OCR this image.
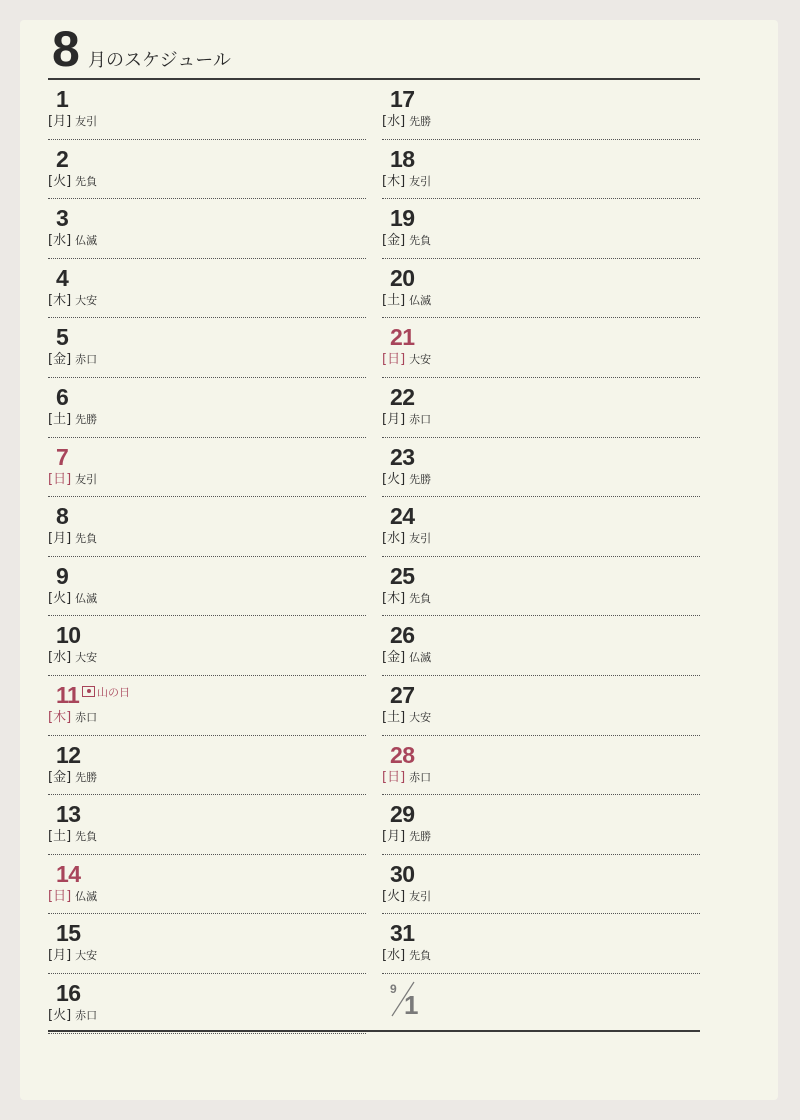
8 月のスケジュール
1
[月] 友引
2
[火] 先負
3
[水] 仏滅
4
[木] 大安
5
[金] 赤口
6
[土] 先勝
7
[日] 友引
8
[月] 先負
9
[火] 仏滅
10
[水] 大安
11	山の日
[木] 赤口
12
[金] 先勝
13
[土] 先負
14
[日] 仏滅
15
[月] 大安
16
[火] 赤口
17
[水] 先勝
18
[木] 友引
19
[金] 先負
20
[土] 仏滅
21
[日] 大安
22
[月] 赤口
23
[火] 先勝
24
[水] 友引
25
[木] 先負
26
[金] 仏滅
27
[土] 大安
28
[日] 赤口
29
[月] 先勝
30
[火] 友引
31
[水] 先負
9
1
